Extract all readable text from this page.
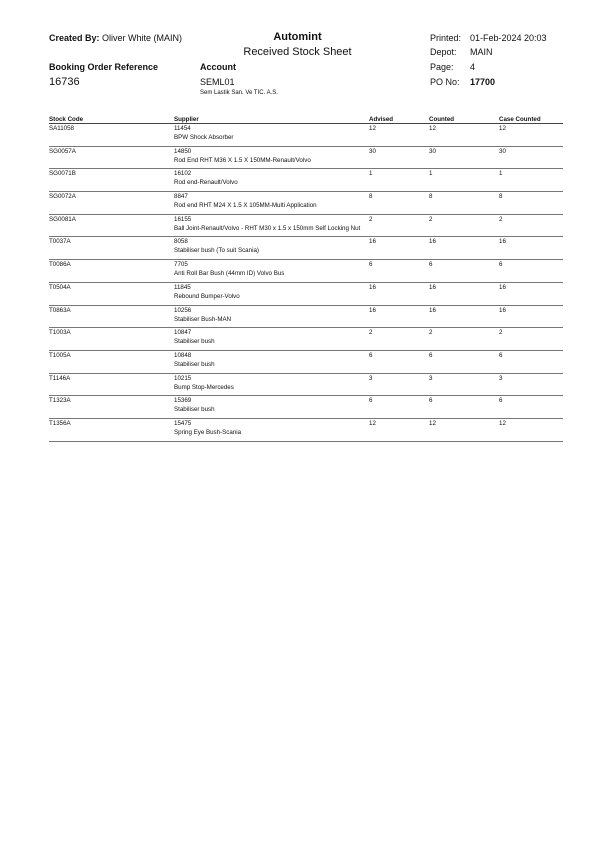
Created By: Oliver White (MAIN)	Automint
Received Stock Sheet
Printed: 01-Feb-2024 20:03
Depot: MAIN
Page: 4
Booking Order Reference
16736
Account
SEML01
Sem Lastik San. Ve TIC. A.S.
PO No: 17700
Stock Code	Supplier	Advised	Counted	Case Counted
SA11058	11454
BPW Shock Absorber	12	12	12
SG0057A	14850
Rod End RHT M36 X 1.5 X 150MM-Renault/Volvo	30	30	30
SG0071B	16102
Rod end-Renault/Volvo	1	1	1
SG0072A	8847
Rod end RHT M24 X 1.5 X 105MM-Multi Application	8	8	8
SG0081A	16155
Ball Joint-Renault/Volvo - RHT M30 x 1.5 x 150mm Self Locking Nut	2	2	2
T0037A	8058
Stabiliser bush (To suit Scania)	16	16	16
T0086A	7705
Anti Roll Bar Bush (44mm ID) Volvo Bus	6	6	6
T0504A	11845
Rebound Bumper-Volvo	16	16	16
T0863A	10256
Stabiliser Bush-MAN	16	16	16
T1003A	10847
Stabiliser bush	2	2	2
T1005A	10848
Stabiliser bush	6	6	6
T1146A	10215
Bump Stop-Mercedes	3	3	3
T1323A	15369
Stabiliser bush	6	6	6
T1356A	15475
Spring Eye Bush-Scania	12	12	12
